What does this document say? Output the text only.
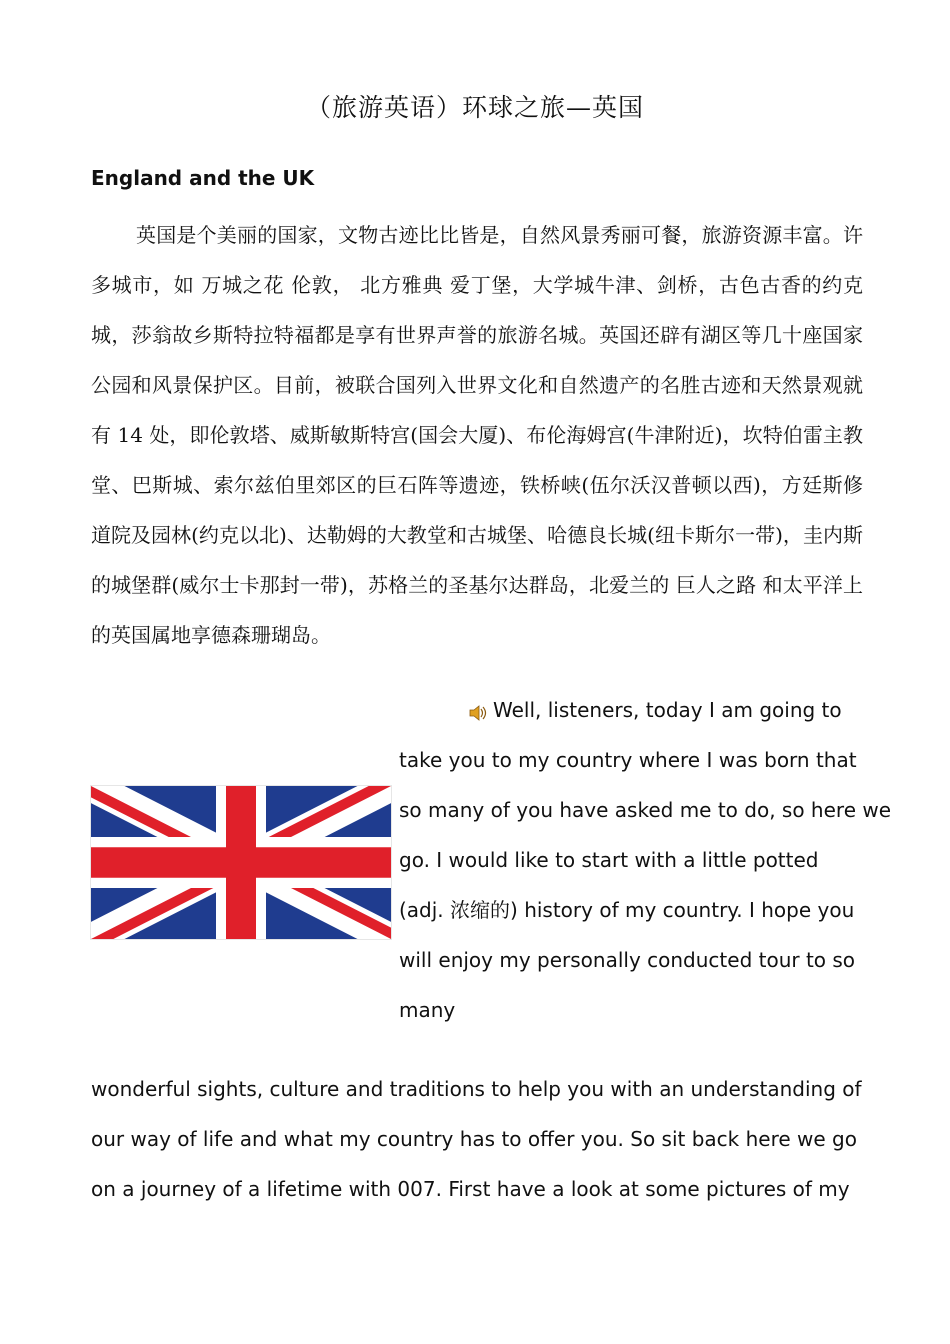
（旅游英语）环球之旅—英国
England and the UK

英国是个美丽的国家，文物古迹比比皆是，自然风景秀丽可餐，旅游资源丰富。许多城市，如 万城之花 伦敦， 北方雅典 爱丁堡，大学城牛津、剑桥，古色古香的约克城，莎翁故乡斯特拉特福都是享有世界声誉的旅游名城。英国还辟有湖区等几十座国家公园和风景保护区。目前，被联合国列入世界文化和自然遗产的名胜古迹和天然景观就有 14 处，即伦敦塔、威斯敏斯特宫(国会大厦)、布伦海姆宫(牛津附近)，坎特伯雷主教堂、巴斯城、索尔兹伯里郊区的巨石阵等遗迹，铁桥峡(伍尔沃汉普顿以西)，方廷斯修道院及园林(约克以北)、达勒姆的大教堂和古城堡、哈德良长城(纽卡斯尔一带)，圭内斯的城堡群(威尔士卡那封一带)，苏格兰的圣基尔达群岛，北爱兰的 巨人之路 和太平洋上的英国属地享德森珊瑚岛。

Well, listeners, today I am going to
take you to my country where I was born that
so many of you have asked me to do, so here we
go. I would like to start with a little potted
(adj. 浓缩的) history of my country. I hope you
will enjoy my personally conducted tour to so
many
wonderful sights, culture and traditions to help you with an understanding of
our way of life and what my country has to offer you. So sit back here we go
on a journey of a lifetime with 007. First have a look at some pictures of my
